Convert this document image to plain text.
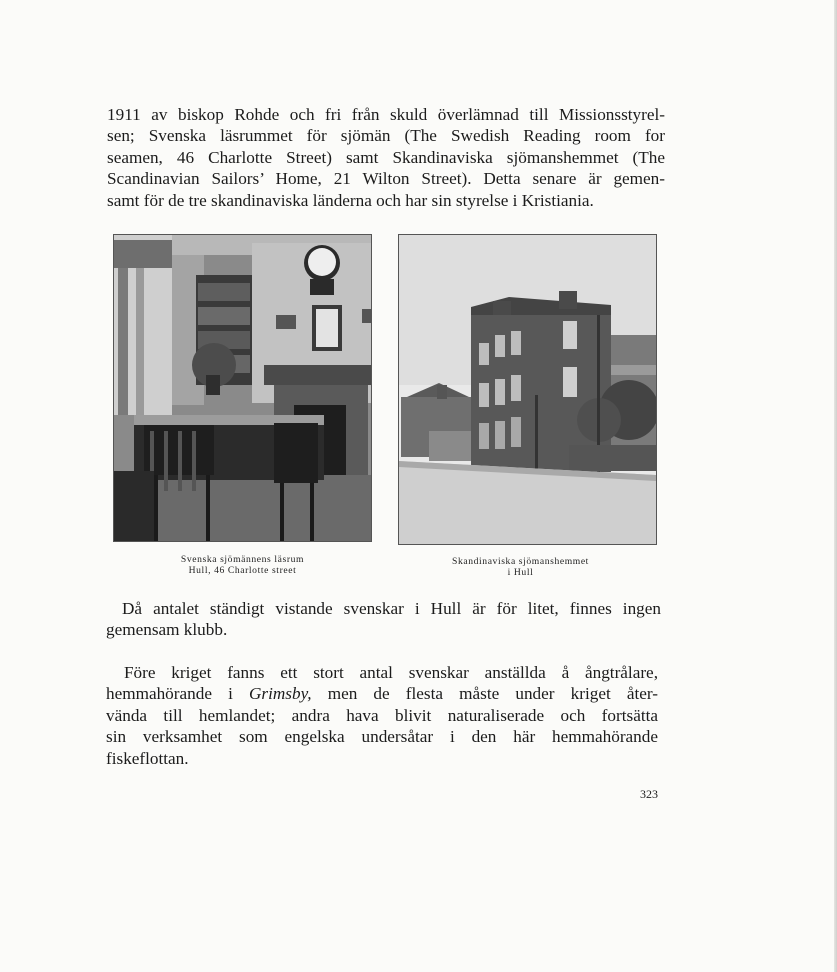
1911 av biskop Rohde och fri från skuld överlämnad till Missionsstyrel-
sen; Svenska läsrummet för sjömän (The Swedish Reading room for
seamen, 46 Charlotte Street) samt Skandinaviska sjömanshemmet (The
Scandinavian Sailors’ Home, 21 Wilton Street). Detta senare är gemen-
samt för de tre skandinaviska länderna och har sin styrelse i Kristiania.

Svenska sjömännens läsrum
Hull, 46 Charlotte street
Skandinaviska sjömanshemmet
i Hull

Då antalet ständigt vistande svenskar i Hull är för litet, finnes ingen
gemensam klubb.

Före kriget fanns ett stort antal svenskar anställda å ångtrålare,
hemmahörande i Grimsby, men de flesta måste under kriget åter-
vända till hemlandet; andra hava blivit naturaliserade och fortsätta
sin verksamhet som engelska undersåtar i den här hemmahörande
fiskeflottan.

323
